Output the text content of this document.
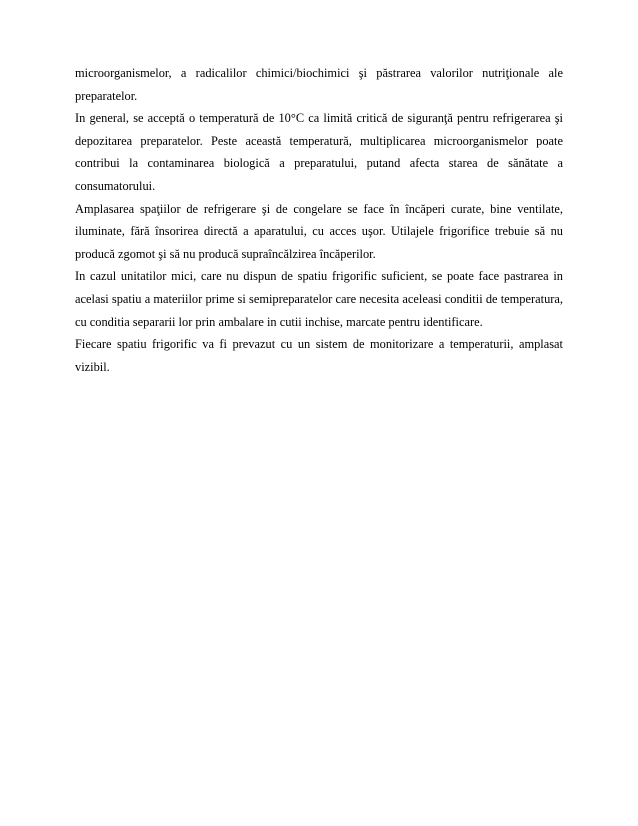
microorganismelor, a radicalilor chimici/biochimici şi păstrarea valorilor nutriţionale ale preparatelor.

In general, se acceptă o temperatură de 10°C ca limită critică de siguranţă pentru refrigerarea şi depozitarea preparatelor. Peste această temperatură, multiplicarea microorganismelor poate contribui la contaminarea biologică a preparatului, putand afecta starea de sănătate a consumatorului.

Amplasarea spaţiilor de refrigerare şi de congelare se face în încăperi curate, bine ventilate, iluminate, fără însorirea directă a aparatului, cu acces uşor. Utilajele frigorifice trebuie să nu producă zgomot şi să nu producă supraîncălzirea încăperilor.

In cazul unitatilor mici, care nu dispun de spatiu frigorific suficient, se poate face pastrarea in acelasi spatiu a materiilor prime si semipreparatelor care necesita aceleasi conditii de temperatura, cu conditia separarii lor prin ambalare in cutii inchise, marcate pentru identificare.

Fiecare spatiu frigorific va fi prevazut cu un sistem de monitorizare a temperaturii, amplasat vizibil.
